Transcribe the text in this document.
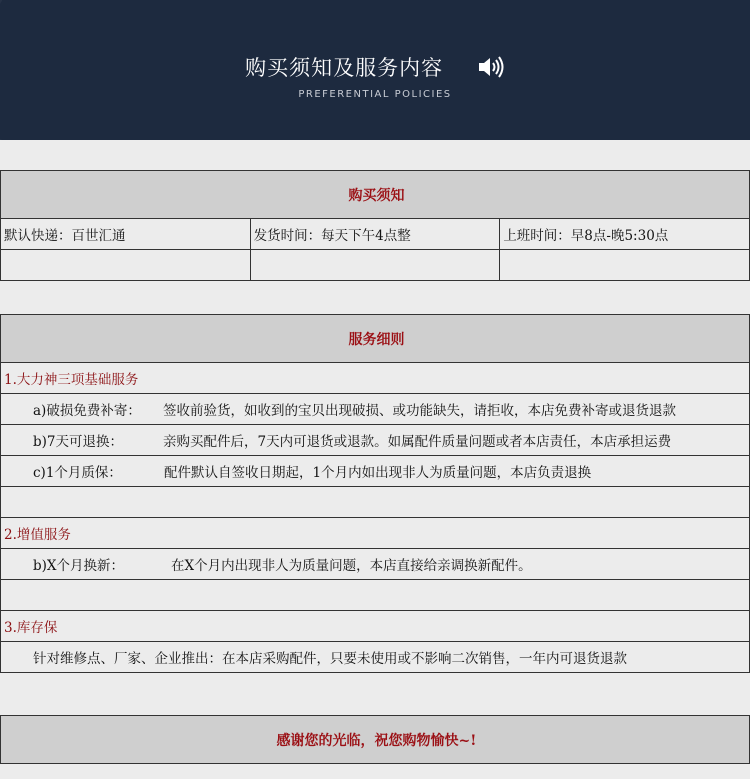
购买须知及服务内容
PREFERENTIAL POLICIES
购买须知		
默认快递：百世汇通	发货时间：每天下午4点整	上班时间：早8点-晚5:30点

服务细则
1.大力神三项基础服务
a)破损免费补寄： 签收前验货，如收到的宝贝出现破损、或功能缺失，请拒收，本店免费补寄或退货退款
b)7天可退换：	亲购买配件后，7天内可退货或退款。如属配件质量问题或者本店责任，本店承担运费
c)1个月质保：	配件默认自签收日期起，1个月内如出现非人为质量问题，本店负责退换

2.增值服务
b)X个月换新：	在X个月内出现非人为质量问题，本店直接给亲调换新配件。

3.库存保
针对维修点、厂家、企业推出：在本店采购配件，只要未使用或不影响二次销售，一年内可退货退款
感谢您的光临，祝您购物愉快~!
